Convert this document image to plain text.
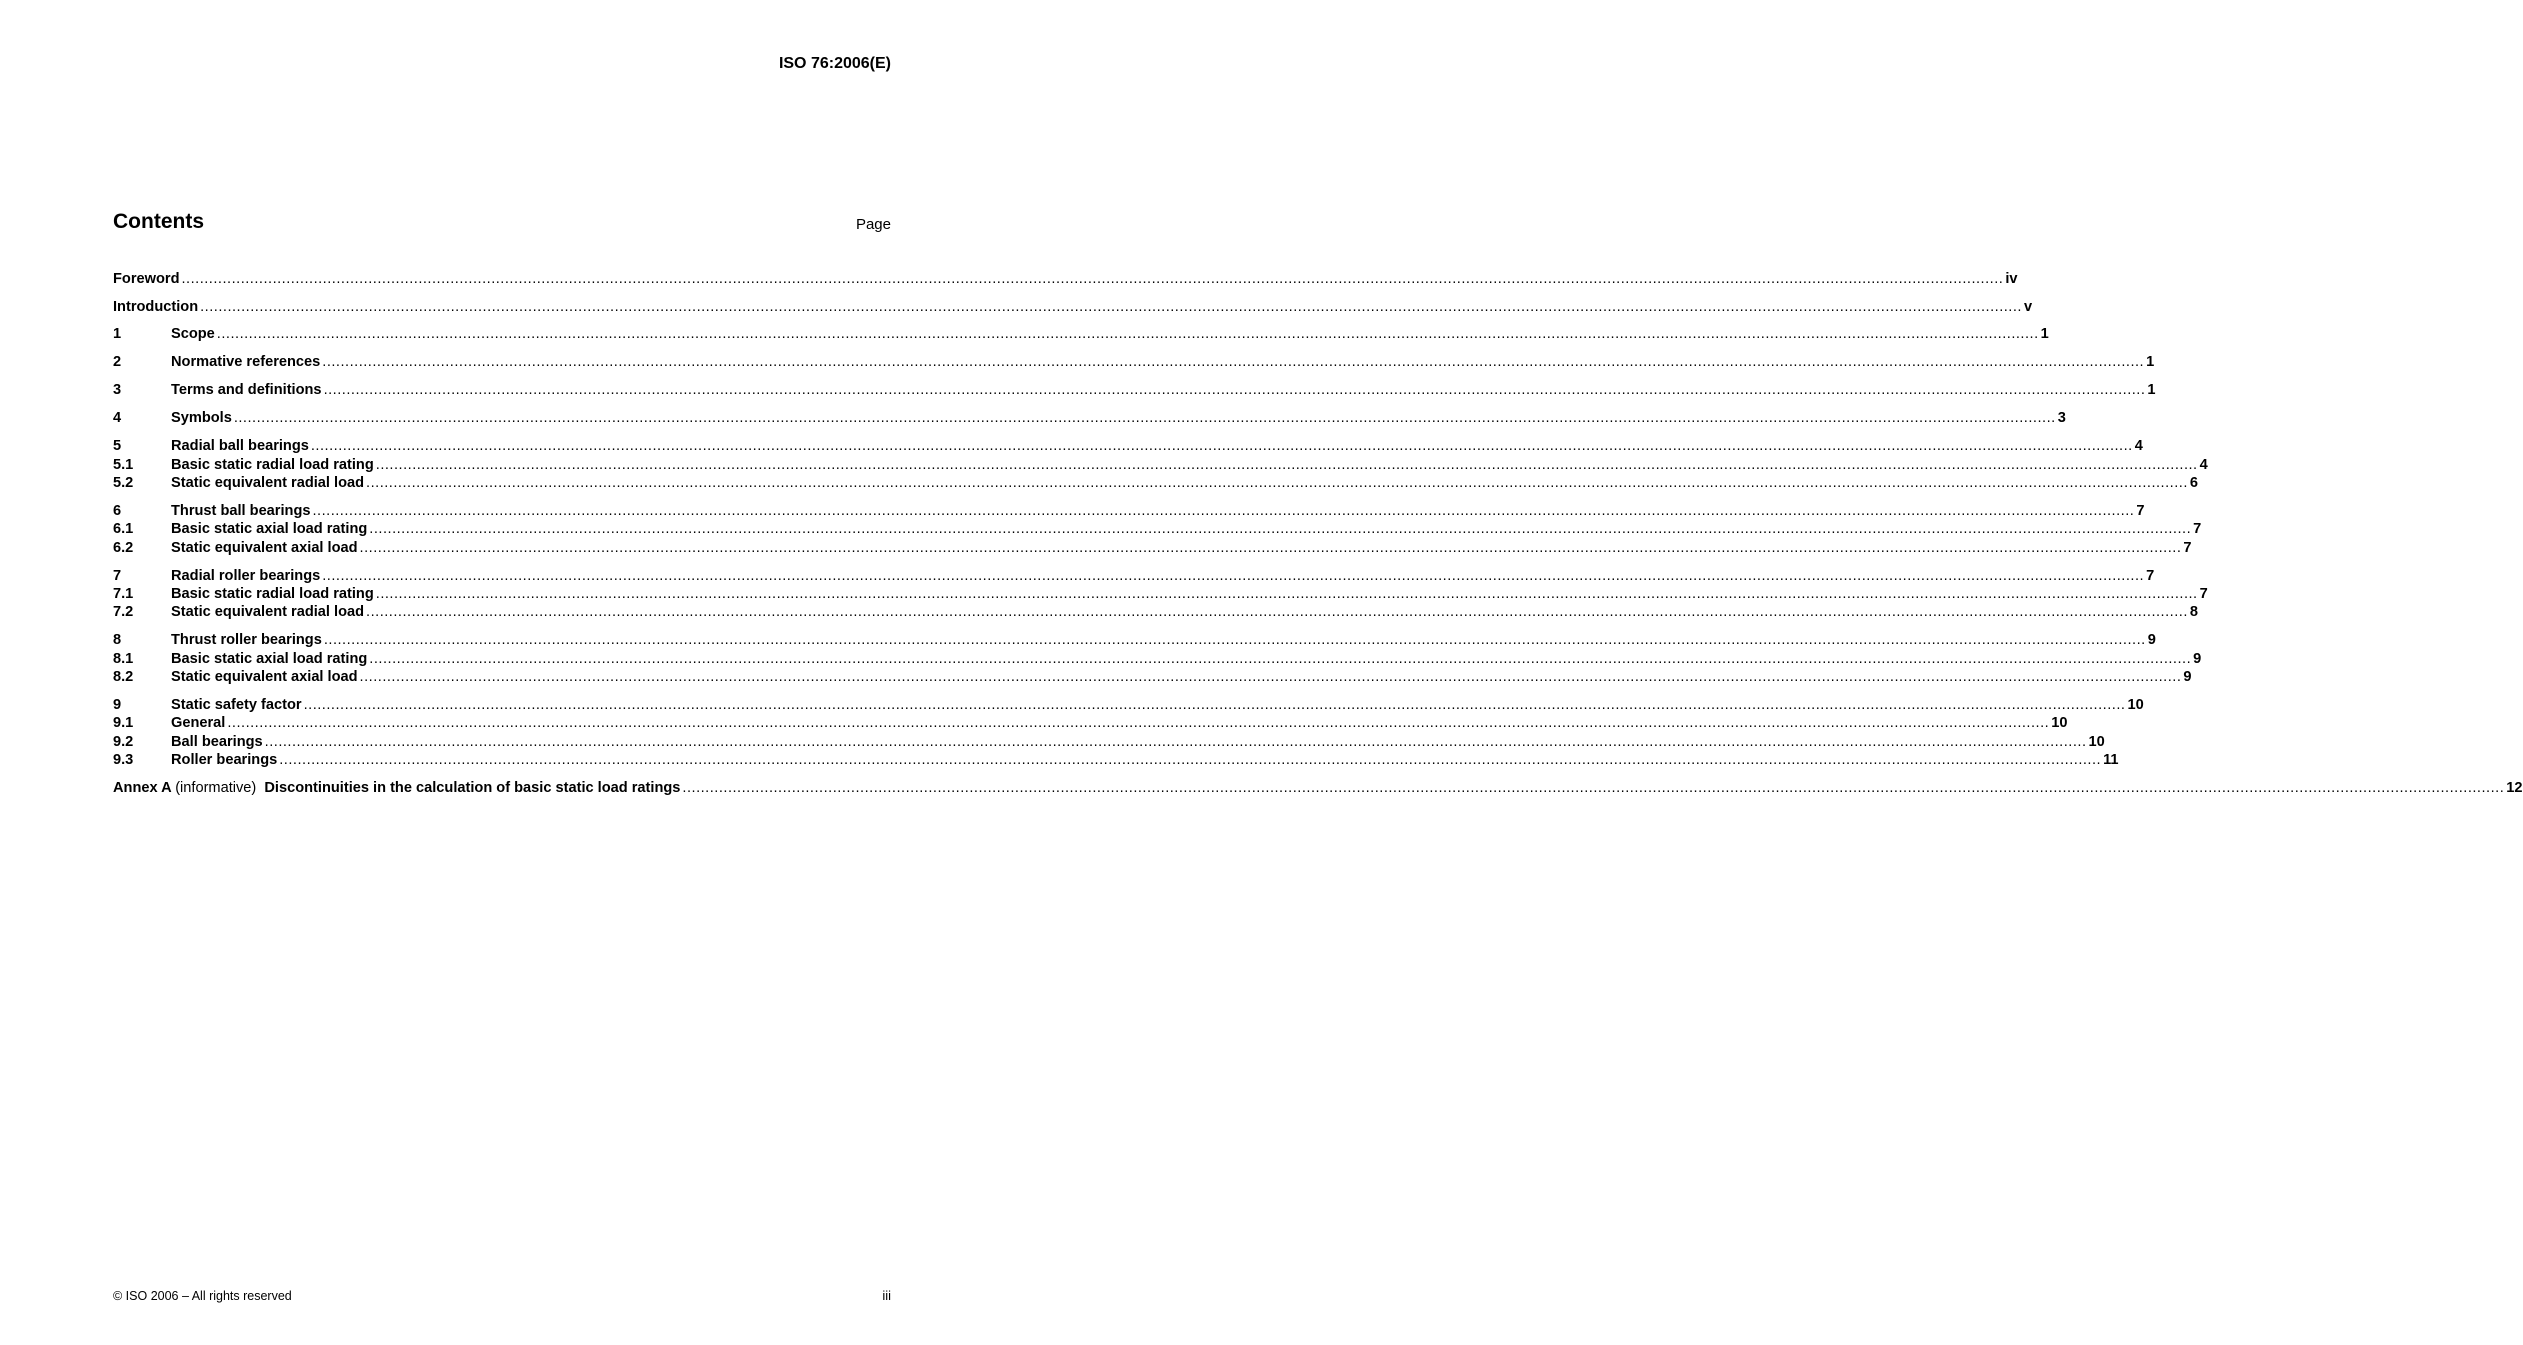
ISO 76:2006(E)
Contents	Page
Foreword ................................................................................................................................................................................................................................................................................................................................................................................................................ iv
Introduction ................................................................................................................................................................................................................................................................................................................................................................................................................ v
1	Scope ................................................................................................................................................................................................................................................................................................................................................................................................................ 1
2	Normative references ................................................................................................................................................................................................................................................................................................................................................................................................................ 1
3	Terms and definitions ................................................................................................................................................................................................................................................................................................................................................................................................................ 1
4	Symbols ................................................................................................................................................................................................................................................................................................................................................................................................................ 3
5	Radial ball bearings ................................................................................................................................................................................................................................................................................................................................................................................................................ 4
5.1	Basic static radial load rating ................................................................................................................................................................................................................................................................................................................................................................................................................ 4
5.2	Static equivalent radial load ................................................................................................................................................................................................................................................................................................................................................................................................................ 6
6	Thrust ball bearings ................................................................................................................................................................................................................................................................................................................................................................................................................ 7
6.1	Basic static axial load rating ................................................................................................................................................................................................................................................................................................................................................................................................................ 7
6.2	Static equivalent axial load ................................................................................................................................................................................................................................................................................................................................................................................................................ 7
7	Radial roller bearings ................................................................................................................................................................................................................................................................................................................................................................................................................ 7
7.1	Basic static radial load rating ................................................................................................................................................................................................................................................................................................................................................................................................................ 7
7.2	Static equivalent radial load ................................................................................................................................................................................................................................................................................................................................................................................................................ 8
8	Thrust roller bearings ................................................................................................................................................................................................................................................................................................................................................................................................................ 9
8.1	Basic static axial load rating ................................................................................................................................................................................................................................................................................................................................................................................................................ 9
8.2	Static equivalent axial load ................................................................................................................................................................................................................................................................................................................................................................................................................ 9
9	Static safety factor ................................................................................................................................................................................................................................................................................................................................................................................................................ 10
9.1	General ................................................................................................................................................................................................................................................................................................................................................................................................................ 10
9.2	Ball bearings ................................................................................................................................................................................................................................................................................................................................................................................................................ 10
9.3	Roller bearings ................................................................................................................................................................................................................................................................................................................................................................................................................ 11
Annex A (informative) Discontinuities in the calculation of basic static load ratings ................................................................................................................................................................................................................................................................................................................................................................................................................ 12
© ISO 2006 – All rights reserved	iii
